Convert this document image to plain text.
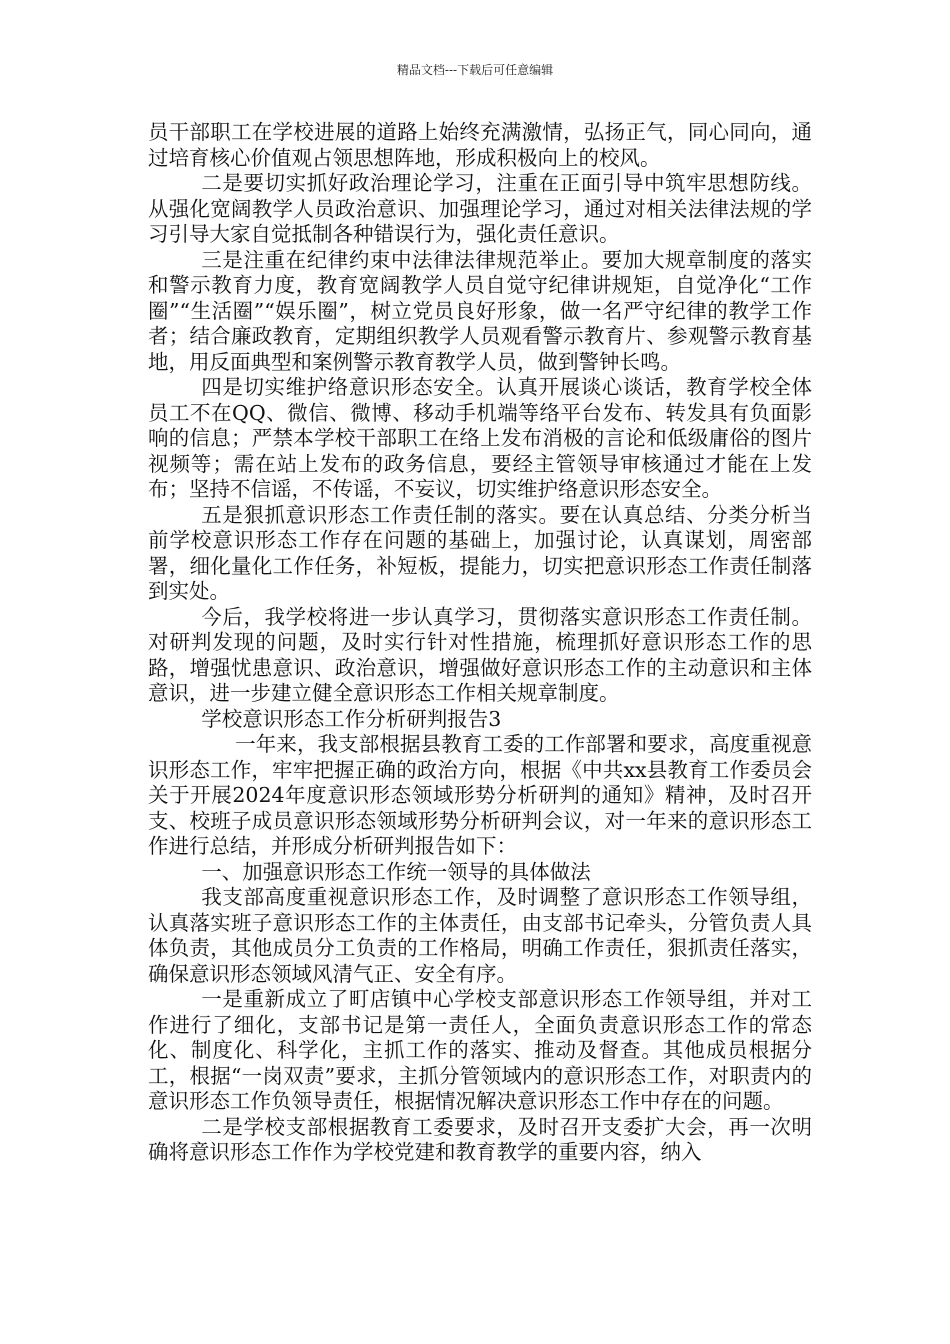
精品文档---下载后可任意编辑

员干部职工在学校进展的道路上始终充满激情，弘扬正气，同心同向，通过培育核心价值观占领思想阵地，形成积极向上的校风。

二是要切实抓好政治理论学习，注重在正面引导中筑牢思想防线。从强化宽阔教学人员政治意识、加强理论学习，通过对相关法律法规的学习引导大家自觉抵制各种错误行为，强化责任意识。

三是注重在纪律约束中法律法律规范举止。要加大规章制度的落实和警示教育力度，教育宽阔教学人员自觉守纪律讲规矩，自觉净化“工作圈”“生活圈”“娱乐圈”，树立党员良好形象，做一名严守纪律的教学工作者；结合廉政教育，定期组织教学人员观看警示教育片、参观警示教育基地，用反面典型和案例警示教育教学人员，做到警钟长鸣。

四是切实维护络意识形态安全。认真开展谈心谈话，教育学校全体员工不在QQ、微信、微博、移动手机端等络平台发布、转发具有负面影响的信息；严禁本学校干部职工在络上发布消极的言论和低级庸俗的图片视频等；需在站上发布的政务信息，要经主管领导审核通过才能在上发布；坚持不信谣，不传谣，不妄议，切实维护络意识形态安全。

五是狠抓意识形态工作责任制的落实。要在认真总结、分类分析当前学校意识形态工作存在问题的基础上，加强讨论，认真谋划，周密部署，细化量化工作任务，补短板，提能力，切实把意识形态工作责任制落到实处。

今后，我学校将进一步认真学习，贯彻落实意识形态工作责任制。对研判发现的问题，及时实行针对性措施，梳理抓好意识形态工作的思路，增强忧患意识、政治意识，增强做好意识形态工作的主动意识和主体意识，进一步建立健全意识形态工作相关规章制度。

学校意识形态工作分析研判报告3

一年来，我支部根据县教育工委的工作部署和要求，高度重视意识形态工作，牢牢把握正确的政治方向，根据《中共xx县教育工作委员会关于开展2024年度意识形态领域形势分析研判的通知》精神，及时召开支、校班子成员意识形态领域形势分析研判会议，对一年来的意识形态工作进行总结，并形成分析研判报告如下：

一、加强意识形态工作统一领导的具体做法

我支部高度重视意识形态工作，及时调整了意识形态工作领导组，认真落实班子意识形态工作的主体责任，由支部书记牵头，分管负责人具体负责，其他成员分工负责的工作格局，明确工作责任，狠抓责任落实，确保意识形态领域风清气正、安全有序。

一是重新成立了町店镇中心学校支部意识形态工作领导组，并对工作进行了细化，支部书记是第一责任人，全面负责意识形态工作的常态化、制度化、科学化，主抓工作的落实、推动及督查。其他成员根据分工，根据“一岗双责”要求，主抓分管领域内的意识形态工作，对职责内的意识形态工作负领导责任，根据情况解决意识形态工作中存在的问题。

二是学校支部根据教育工委要求，及时召开支委扩大会，再一次明确将意识形态工作作为学校党建和教育教学的重要内容，纳入
